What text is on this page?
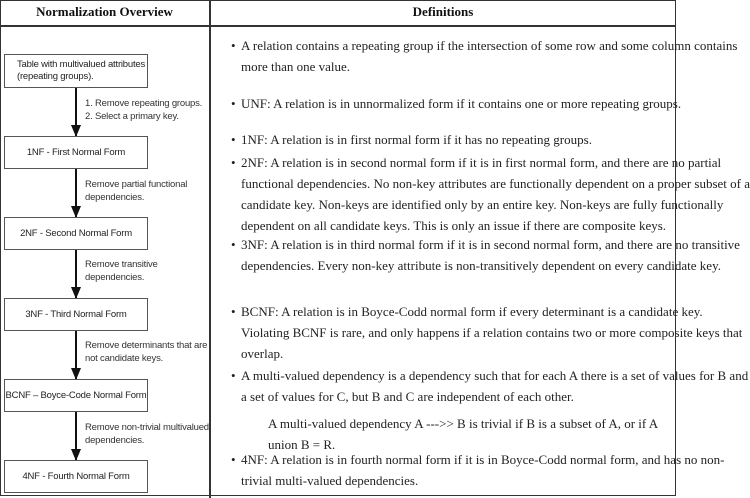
Normalization Overview	Definitions
Table with multivalued attributes
(repeating groups).
1. Remove repeating groups.
2. Select a primary key.
1NF - First Normal Form
Remove partial functional
dependencies.
2NF - Second Normal Form
Remove transitive
dependencies.
3NF - Third Normal Form
Remove determinants that are
not candidate keys.
BCNF – Boyce-Code Normal Form
Remove non-trivial multivalued
dependencies.
4NF - Fourth Normal Form
• A relation contains a repeating group if the intersection of some row and some column contains
more than one value.
• UNF: A relation is in unnormalized form if it contains one or more repeating groups.
• 1NF: A relation is in first normal form if it has no repeating groups.
• 2NF: A relation is in second normal form if it is in first normal form, and there are no partial
functional dependencies. No non-key attributes are functionally dependent on a proper subset of a
candidate key. Non-keys are identified only by an entire key. Non-keys are fully functionally
dependent on all candidate keys. This is only an issue if there are composite keys.
• 3NF: A relation is in third normal form if it is in second normal form, and there are no transitive
dependencies. Every non-key attribute is non-transitively dependent on every candidate key.
• BCNF: A relation is in Boyce-Codd normal form if every determinant is a candidate key.
Violating BCNF is rare, and only happens if a relation contains two or more composite keys that
overlap.
• A multi-valued dependency is a dependency such that for each A there is a set of values for B and
a set of values for C, but B and C are independent of each other.
• 4NF: A relation is in fourth normal form if it is in Boyce-Codd normal form, and has no non-
trivial multi-valued dependencies.
A multi-valued dependency A --->> B is trivial if B is a subset of A, or if A union B = R.
